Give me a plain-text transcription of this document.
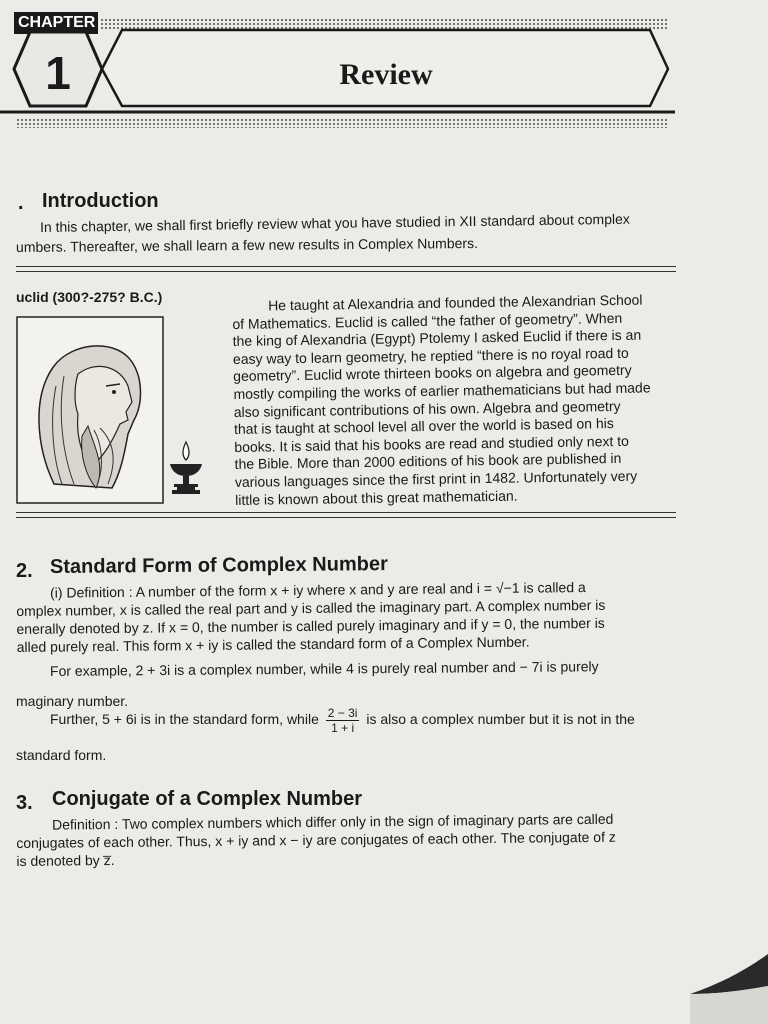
CHAPTER
1	Review
. Introduction
In this chapter, we shall first briefly review what you have studied in XII standard about complex
umbers. Thereafter, we shall learn a few new results in Complex Numbers.
uclid (300?-275? B.C.)	He taught at Alexandria and founded the Alexandrian School
of Mathematics. Euclid is called “the father of geometry”. When
the king of Alexandria (Egypt) Ptolemy I asked Euclid if there is an
easy way to learn geometry, he reptied “there is no royal road to
geometry”. Euclid wrote thirteen books on algebra and geometry
mostly compiling the works of earlier mathematicians but had made
also significant contributions of his own. Algebra and geometry
that is taught at school level all over the world is based on his
books. It is said that his books are read and studied only next to
the Bible. More than 2000 editions of his book are published in
various languages since the first print in 1482. Unfortunately very
little is known about this great mathematician.
2. Standard Form of Complex Number
(i) Definition : A number of the form x + iy where x and y are real and i = √−1 is called a
omplex number, x is called the real part and y is called the imaginary part. A complex number is
enerally denoted by z. If x = 0, the number is called purely imaginary and if y = 0, the number is
alled purely real. This form x + iy is called the standard form of a Complex Number.
For example, 2 + 3i is a complex number, while 4 is purely real number and − 7i is purely
maginary number.
Further, 5 + 6i is in the standard form, while $\frac{2 - 3i}{1 + i}$ is also a complex number but it is not in the
standard form.
3. Conjugate of a Complex Number
Definition : Two complex numbers which differ only in the sign of imaginary parts are called
conjugates of each other. Thus, x + iy and x − iy are conjugates of each other. The conjugate of z
is denoted by z̅.
